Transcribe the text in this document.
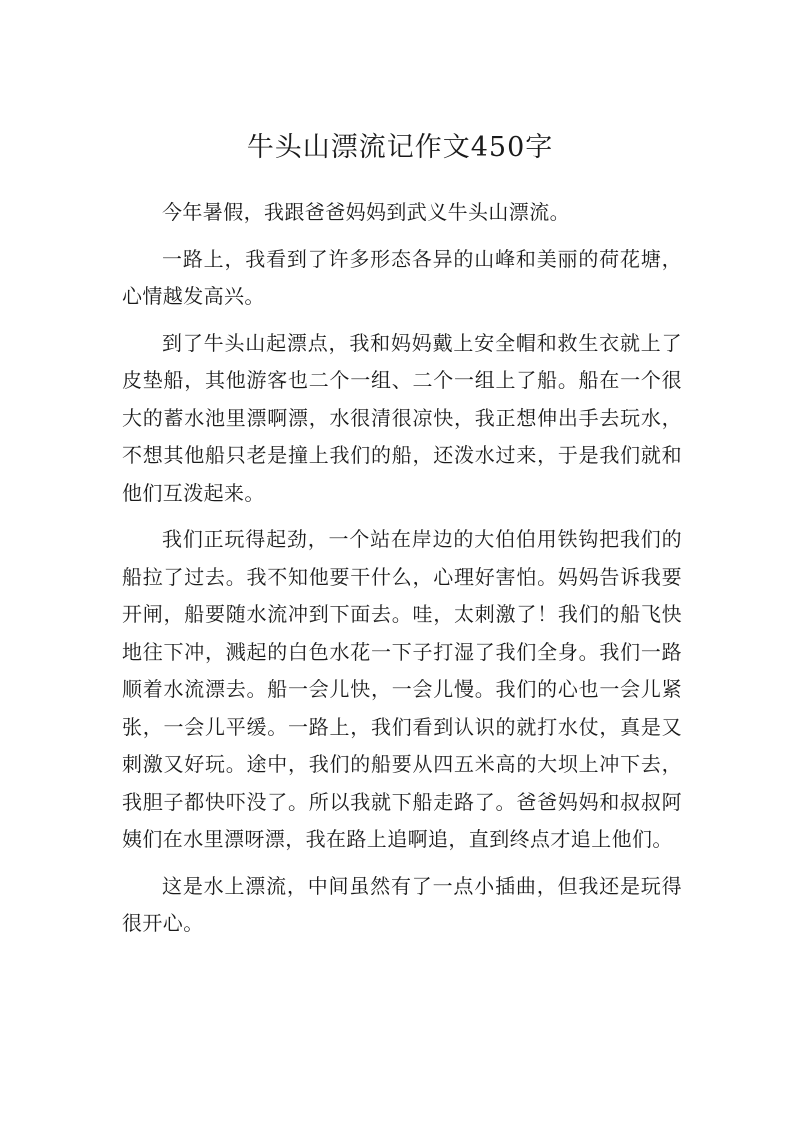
牛头山漂流记作文450字

今年暑假，我跟爸爸妈妈到武义牛头山漂流。

一路上，我看到了许多形态各异的山峰和美丽的荷花塘，心情越发高兴。

到了牛头山起漂点，我和妈妈戴上安全帽和救生衣就上了皮垫船，其他游客也二个一组、二个一组上了船。船在一个很大的蓄水池里漂啊漂，水很清很凉快，我正想伸出手去玩水，不想其他船只老是撞上我们的船，还泼水过来，于是我们就和他们互泼起来。

我们正玩得起劲，一个站在岸边的大伯伯用铁钩把我们的船拉了过去。我不知他要干什么，心理好害怕。妈妈告诉我要开闸，船要随水流冲到下面去。哇，太刺激了！我们的船飞快地往下冲，溅起的白色水花一下子打湿了我们全身。我们一路顺着水流漂去。船一会儿快，一会儿慢。我们的心也一会儿紧张，一会儿平缓。一路上，我们看到认识的就打水仗，真是又刺激又好玩。途中，我们的船要从四五米高的大坝上冲下去，我胆子都快吓没了。所以我就下船走路了。爸爸妈妈和叔叔阿姨们在水里漂呀漂，我在路上追啊追，直到终点才追上他们。

这是水上漂流，中间虽然有了一点小插曲，但我还是玩得很开心。
